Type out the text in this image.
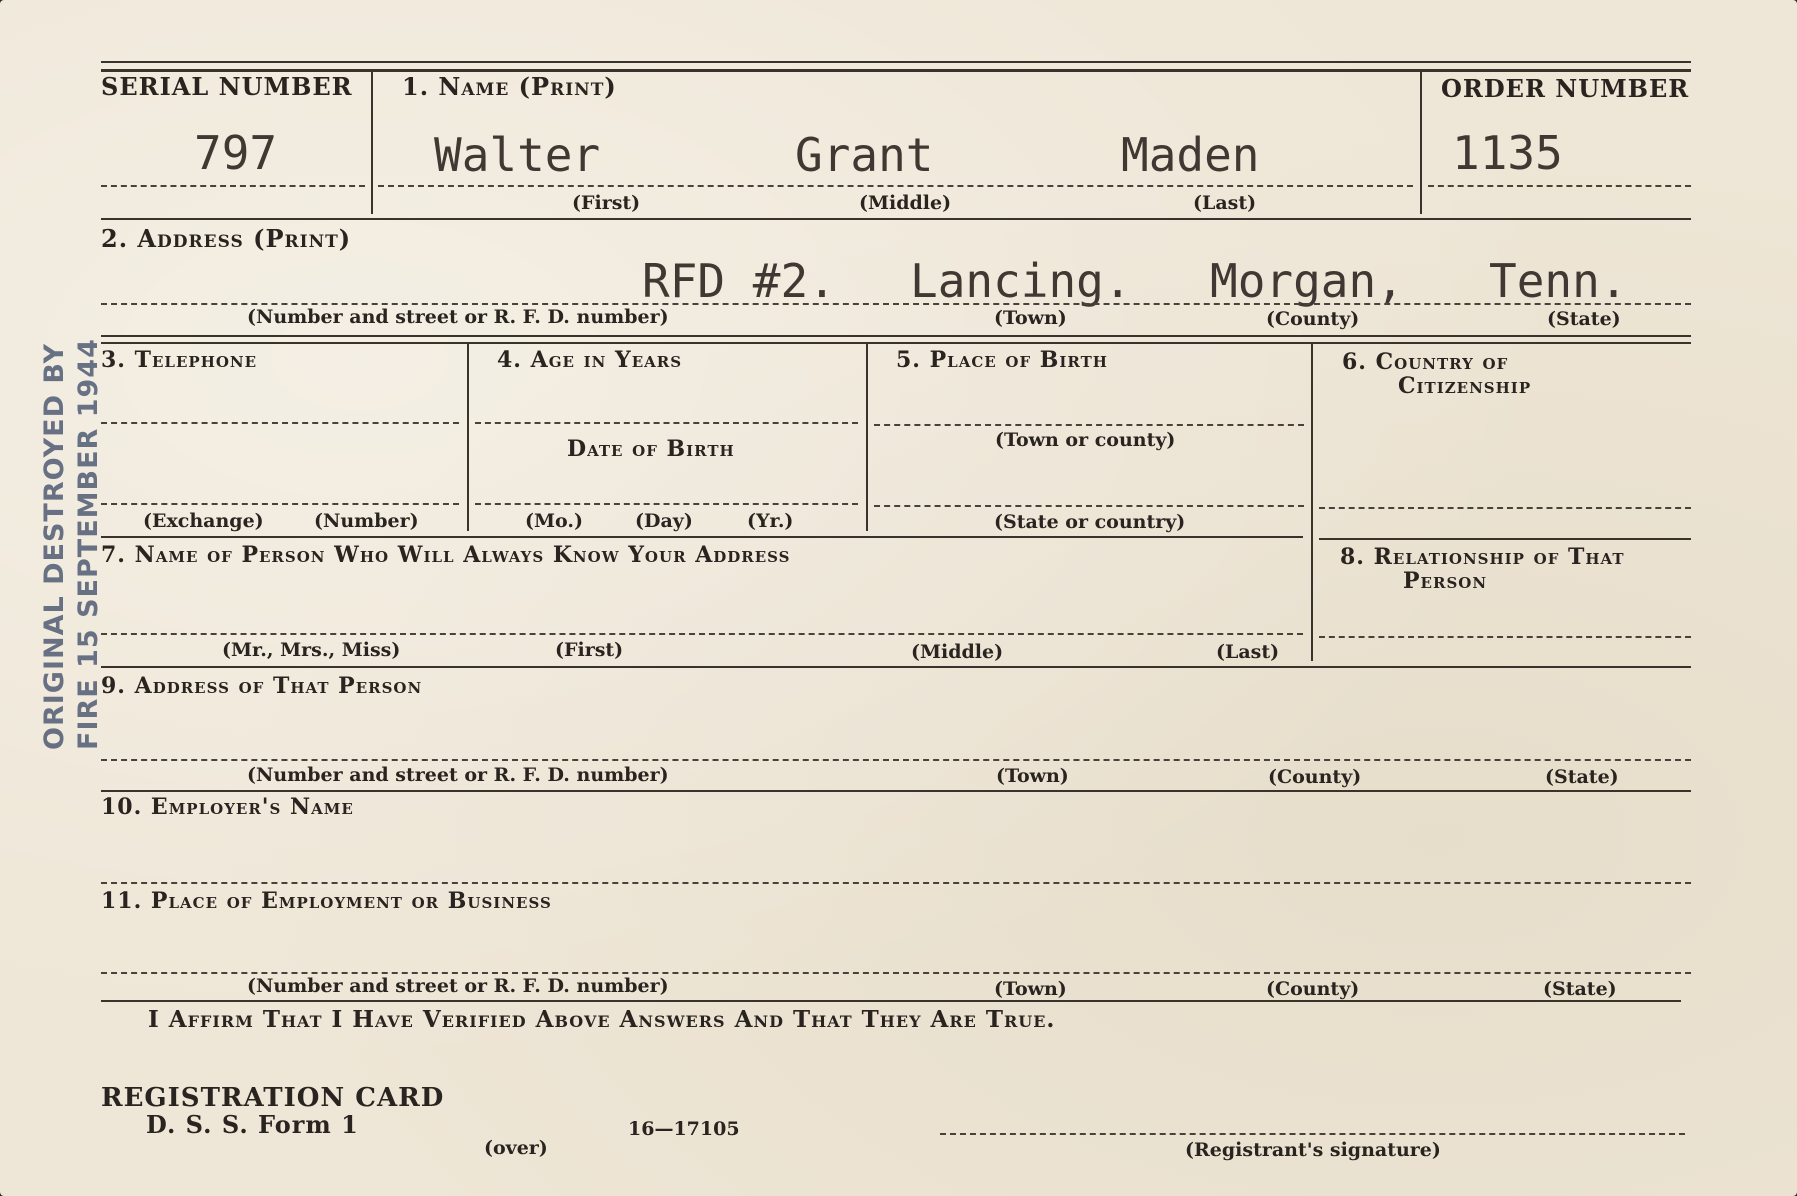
ORIGINAL DESTROYED BY FIRE 15 SEPTEMBER 1944
SERIAL NUMBER
797
1. Name (Print)
Walter	Grant	Maden
ORDER NUMBER
1135
(First)	(Middle)	(Last)
2. Address (Print)
RFD #2. Lancing. Morgan, Tenn.
(Number and street or R. F. D. number)	(Town)	(County)	(State)
3. Telephone
(Exchange)	(Number)
4. Age in Years
Date of Birth
(Mo.)	(Day)	(Yr.)
5. Place of Birth
(Town or county)
(State or country)
6. Country of
Citizenship
7. Name of Person Who Will Always Know Your Address
(Mr., Mrs., Miss)	(First)	(Middle)	(Last)
8. Relationship of That
Person
9. Address of That Person
(Number and street or R. F. D. number)	(Town)	(County)	(State)
10. Employer's Name
11. Place of Employment or Business
(Number and street or R. F. D. number)	(Town)	(County)	(State)
I Affirm That I Have Verified Above Answers And That They Are True.
REGISTRATION CARD
D. S. S. Form 1
(over)
16—17105
(Registrant's signature)
